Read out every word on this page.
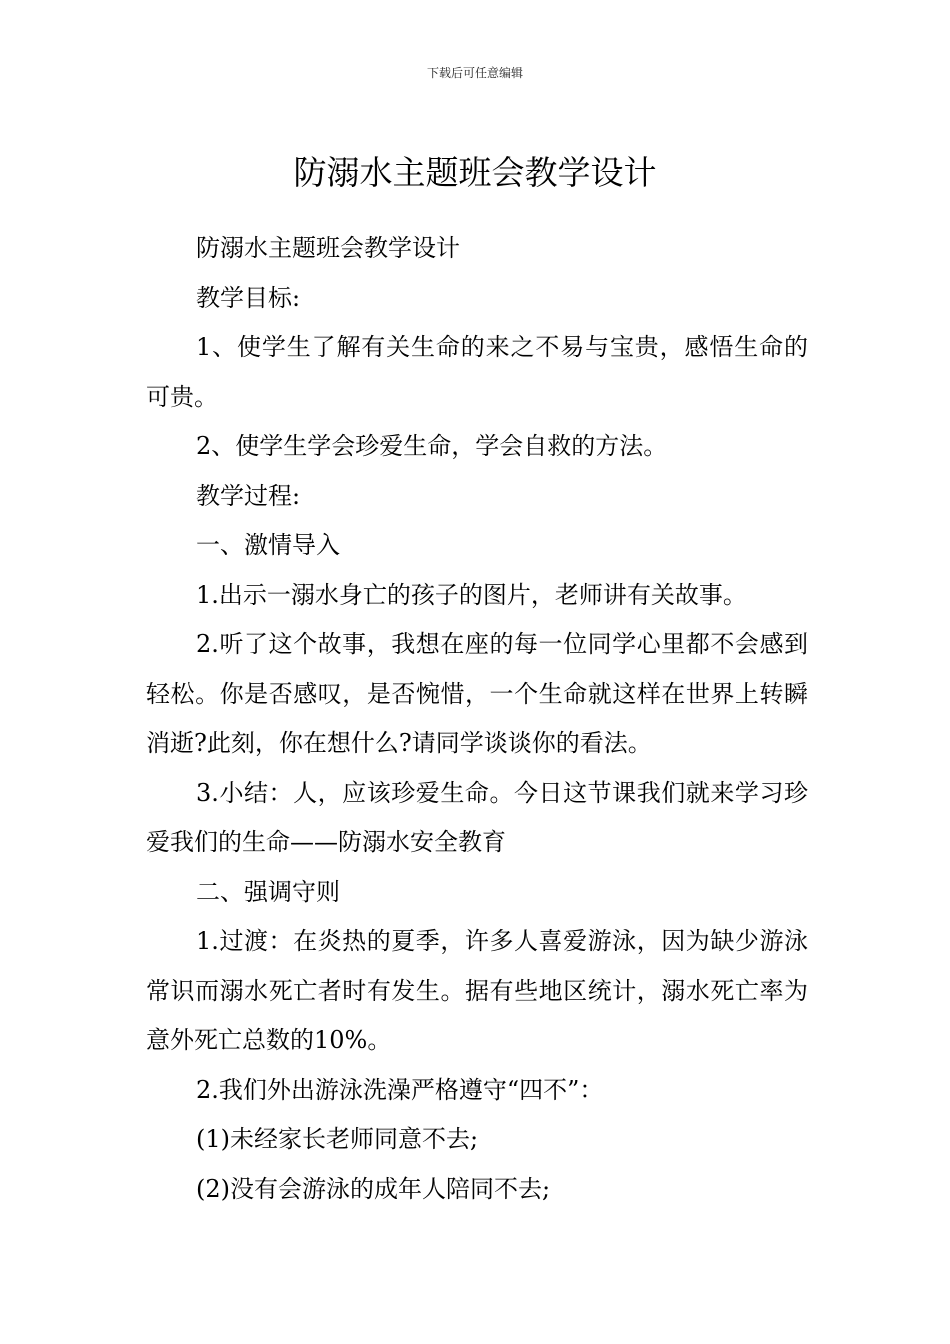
下载后可任意编辑
防溺水主题班会教学设计

防溺水主题班会教学设计

教学目标:

1、使学生了解有关生命的来之不易与宝贵，感悟生命的可贵。

2、使学生学会珍爱生命，学会自救的方法。

教学过程:

一、激情导入

1.出示一溺水身亡的孩子的图片，老师讲有关故事。

2.听了这个故事，我想在座的每一位同学心里都不会感到轻松。你是否感叹，是否惋惜，一个生命就这样在世界上转瞬消逝?此刻，你在想什么?请同学谈谈你的看法。

3.小结：人，应该珍爱生命。今日这节课我们就来学习珍爱我们的生命——防溺水安全教育

二、强调守则

1.过渡：在炎热的夏季，许多人喜爱游泳，因为缺少游泳常识而溺水死亡者时有发生。据有些地区统计，溺水死亡率为意外死亡总数的10%。

2.我们外出游泳洗澡严格遵守“四不”：

(1)未经家长老师同意不去;

(2)没有会游泳的成年人陪同不去;
